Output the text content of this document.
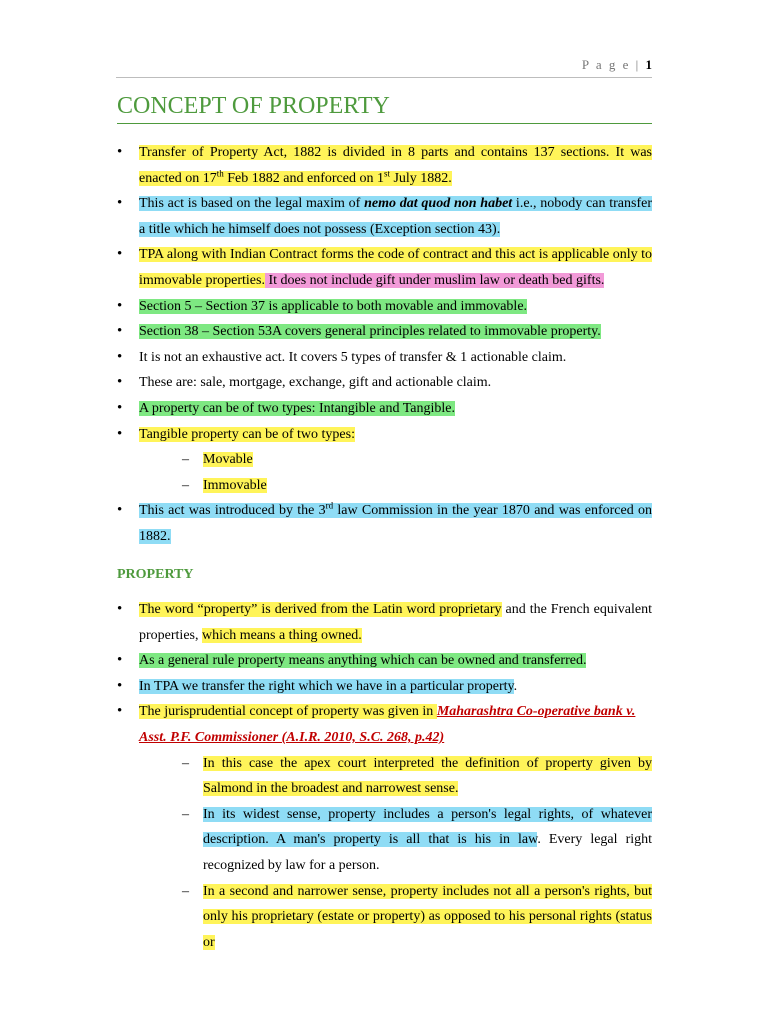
P a g e | 1
CONCEPT OF PROPERTY
• Transfer of Property Act, 1882 is divided in 8 parts and contains 137 sections. It was enacted on 17th Feb 1882 and enforced on 1st July 1882.
• This act is based on the legal maxim of nemo dat quod non habet i.e., nobody can transfer a title which he himself does not possess (Exception section 43).
• TPA along with Indian Contract forms the code of contract and this act is applicable only to immovable properties. It does not include gift under muslim law or death bed gifts.
• Section 5 – Section 37 is applicable to both movable and immovable.
• Section 38 – Section 53A covers general principles related to immovable property.
• It is not an exhaustive act. It covers 5 types of transfer & 1 actionable claim.
• These are: sale, mortgage, exchange, gift and actionable claim.
• A property can be of two types: Intangible and Tangible.
• Tangible property can be of two types:
– Movable
– Immovable
• This act was introduced by the 3rd law Commission in the year 1870 and was enforced on 1882.
PROPERTY
• The word “property” is derived from the Latin word proprietary and the French equivalent properties, which means a thing owned.
• As a general rule property means anything which can be owned and transferred.
• In TPA we transfer the right which we have in a particular property.
• The jurisprudential concept of property was given in Maharashtra Co-operative bank v.
Asst. P.F. Commissioner (A.I.R. 2010, S.C. 268, p.42)
– In this case the apex court interpreted the definition of property given by Salmond in the broadest and narrowest sense.
– In its widest sense, property includes a person's legal rights, of whatever description. A man's property is all that is his in law. Every legal right recognized by law for a person.
– In a second and narrower sense, property includes not all a person's rights, but only his proprietary (estate or property) as opposed to his personal rights (status or
